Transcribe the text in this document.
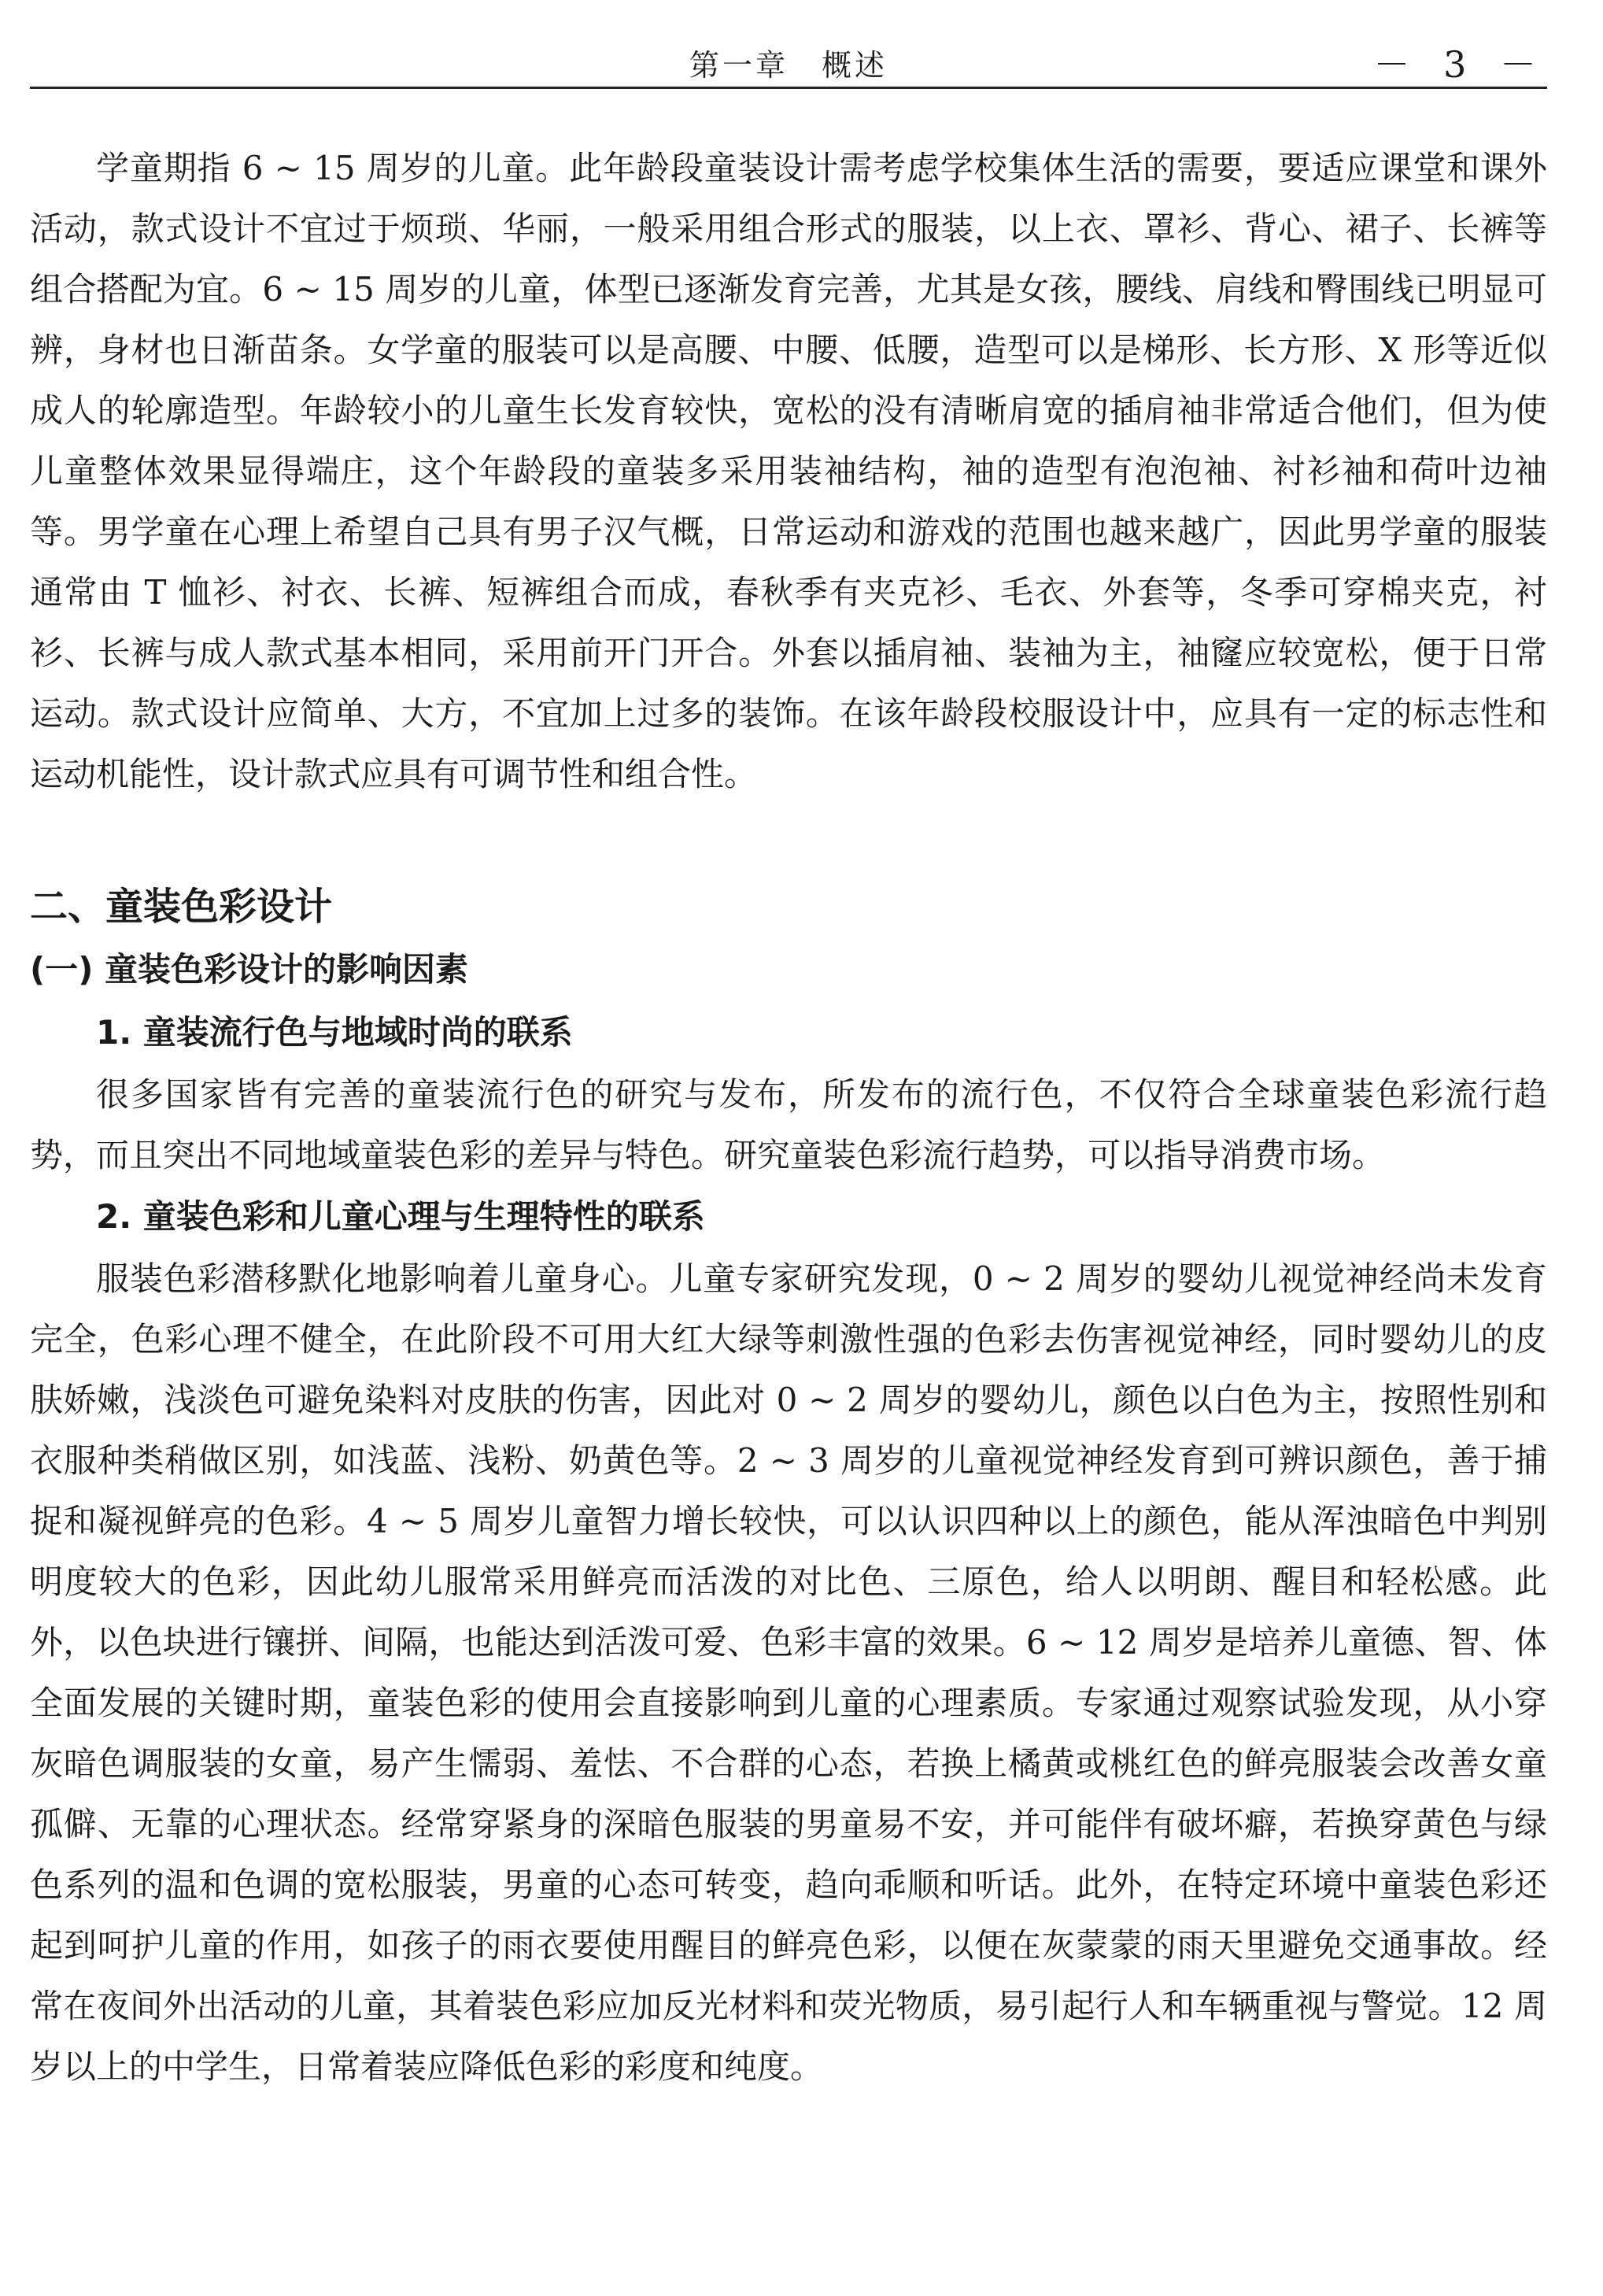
第一章　概述	－ 3 －

学童期指 6 ~ 15 周岁的儿童。此年龄段童装设计需考虑学校集体生活的需要，要适应课堂和课外活动，款式设计不宜过于烦琐、华丽，一般采用组合形式的服装，以上衣、罩衫、背心、裙子、长裤等组合搭配为宜。6 ~ 15 周岁的儿童，体型已逐渐发育完善，尤其是女孩，腰线、肩线和臀围线已明显可辨，身材也日渐苗条。女学童的服装可以是高腰、中腰、低腰，造型可以是梯形、长方形、X 形等近似成人的轮廓造型。年龄较小的儿童生长发育较快，宽松的没有清晰肩宽的插肩袖非常适合他们，但为使儿童整体效果显得端庄，这个年龄段的童装多采用装袖结构，袖的造型有泡泡袖、衬衫袖和荷叶边袖等。男学童在心理上希望自己具有男子汉气概，日常运动和游戏的范围也越来越广，因此男学童的服装通常由 T 恤衫、衬衣、长裤、短裤组合而成，春秋季有夹克衫、毛衣、外套等，冬季可穿棉夹克，衬衫、长裤与成人款式基本相同，采用前开门开合。外套以插肩袖、装袖为主，袖窿应较宽松，便于日常运动。款式设计应简单、大方，不宜加上过多的装饰。在该年龄段校服设计中，应具有一定的标志性和运动机能性，设计款式应具有可调节性和组合性。

二、童装色彩设计
(一) 童装色彩设计的影响因素
1. 童装流行色与地域时尚的联系

很多国家皆有完善的童装流行色的研究与发布，所发布的流行色，不仅符合全球童装色彩流行趋势，而且突出不同地域童装色彩的差异与特色。研究童装色彩流行趋势，可以指导消费市场。

2. 童装色彩和儿童心理与生理特性的联系

服装色彩潜移默化地影响着儿童身心。儿童专家研究发现，0 ~ 2 周岁的婴幼儿视觉神经尚未发育完全，色彩心理不健全，在此阶段不可用大红大绿等刺激性强的色彩去伤害视觉神经，同时婴幼儿的皮肤娇嫩，浅淡色可避免染料对皮肤的伤害，因此对 0 ~ 2 周岁的婴幼儿，颜色以白色为主，按照性别和衣服种类稍做区别，如浅蓝、浅粉、奶黄色等。2 ~ 3 周岁的儿童视觉神经发育到可辨识颜色，善于捕捉和凝视鲜亮的色彩。4 ~ 5 周岁儿童智力增长较快，可以认识四种以上的颜色，能从浑浊暗色中判别明度较大的色彩，因此幼儿服常采用鲜亮而活泼的对比色、三原色，给人以明朗、醒目和轻松感。此外，以色块进行镶拼、间隔，也能达到活泼可爱、色彩丰富的效果。6 ~ 12 周岁是培养儿童德、智、体全面发展的关键时期，童装色彩的使用会直接影响到儿童的心理素质。专家通过观察试验发现，从小穿灰暗色调服装的女童，易产生懦弱、羞怯、不合群的心态，若换上橘黄或桃红色的鲜亮服装会改善女童孤僻、无靠的心理状态。经常穿紧身的深暗色服装的男童易不安，并可能伴有破坏癖，若换穿黄色与绿色系列的温和色调的宽松服装，男童的心态可转变，趋向乖顺和听话。此外，在特定环境中童装色彩还起到呵护儿童的作用，如孩子的雨衣要使用醒目的鲜亮色彩，以便在灰蒙蒙的雨天里避免交通事故。经常在夜间外出活动的儿童，其着装色彩应加反光材料和荧光物质，易引起行人和车辆重视与警觉。12 周岁以上的中学生，日常着装应降低色彩的彩度和纯度。
